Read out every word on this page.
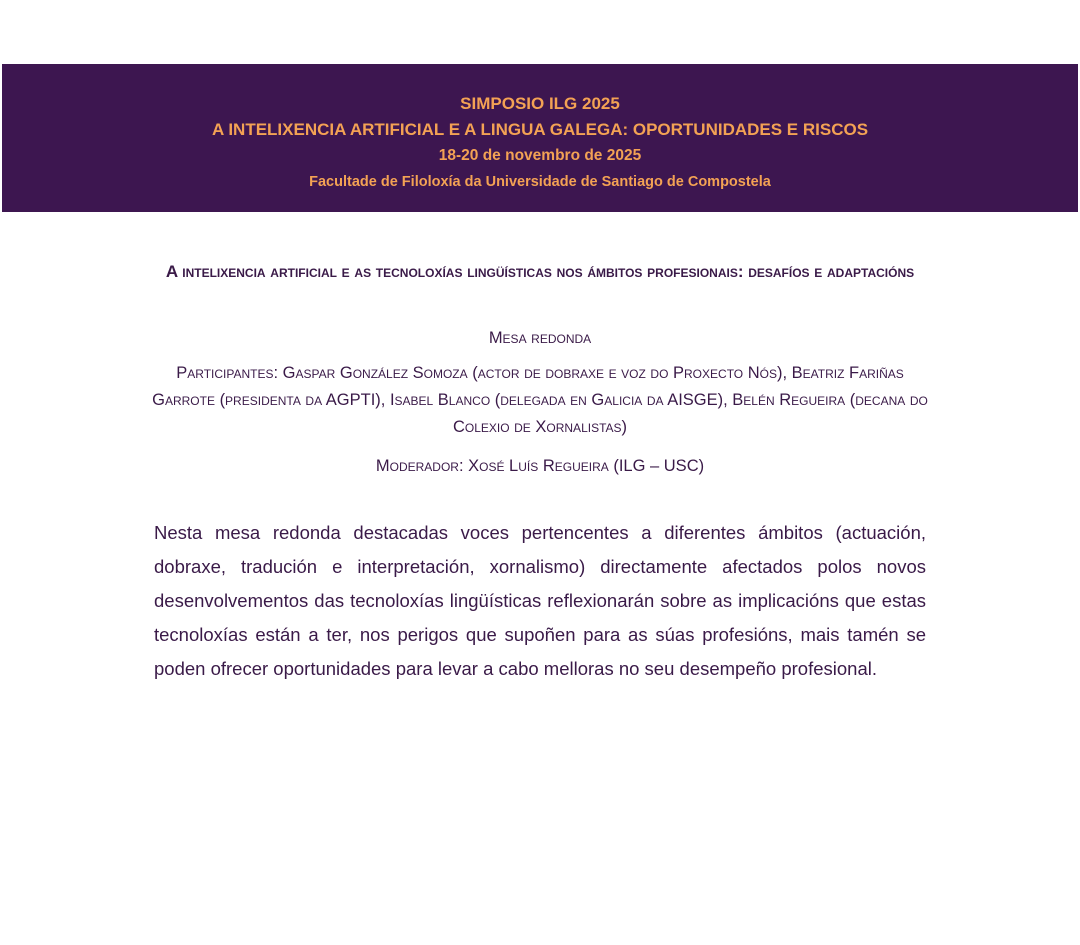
SIMPOSIO ILG 2025
A INTELIXENCIA ARTIFICIAL E A LINGUA GALEGA: OPORTUNIDADES E RISCOS
18-20 de novembro de 2025
Facultade de Filoloxía da Universidade de Santiago de Compostela
A intelixencia artificial e as tecnoloxías lingüísticas nos ámbitos profesionais: desafíos e adaptacións
Mesa redonda
Participantes: Gaspar González Somoza (actor de dobraxe e voz do Proxecto Nós), Beatriz Fariñas Garrote (presidenta da AGPTI), Isabel Blanco (delegada en Galicia da AISGE), Belén Regueira (decana do Colexio de Xornalistas)
Moderador: Xosé Luís Regueira (ILG – USC)

Nesta mesa redonda destacadas voces pertencentes a diferentes ámbitos (actuación, dobraxe, tradución e interpretación, xornalismo) directamente afectados polos novos desenvolvementos das tecnoloxías lingüísticas reflexionarán sobre as implicacións que estas tecnoloxías están a ter, nos perigos que supoñen para as súas profesións, mais tamén se poden ofrecer oportunidades para levar a cabo melloras no seu desempeño profesional.
